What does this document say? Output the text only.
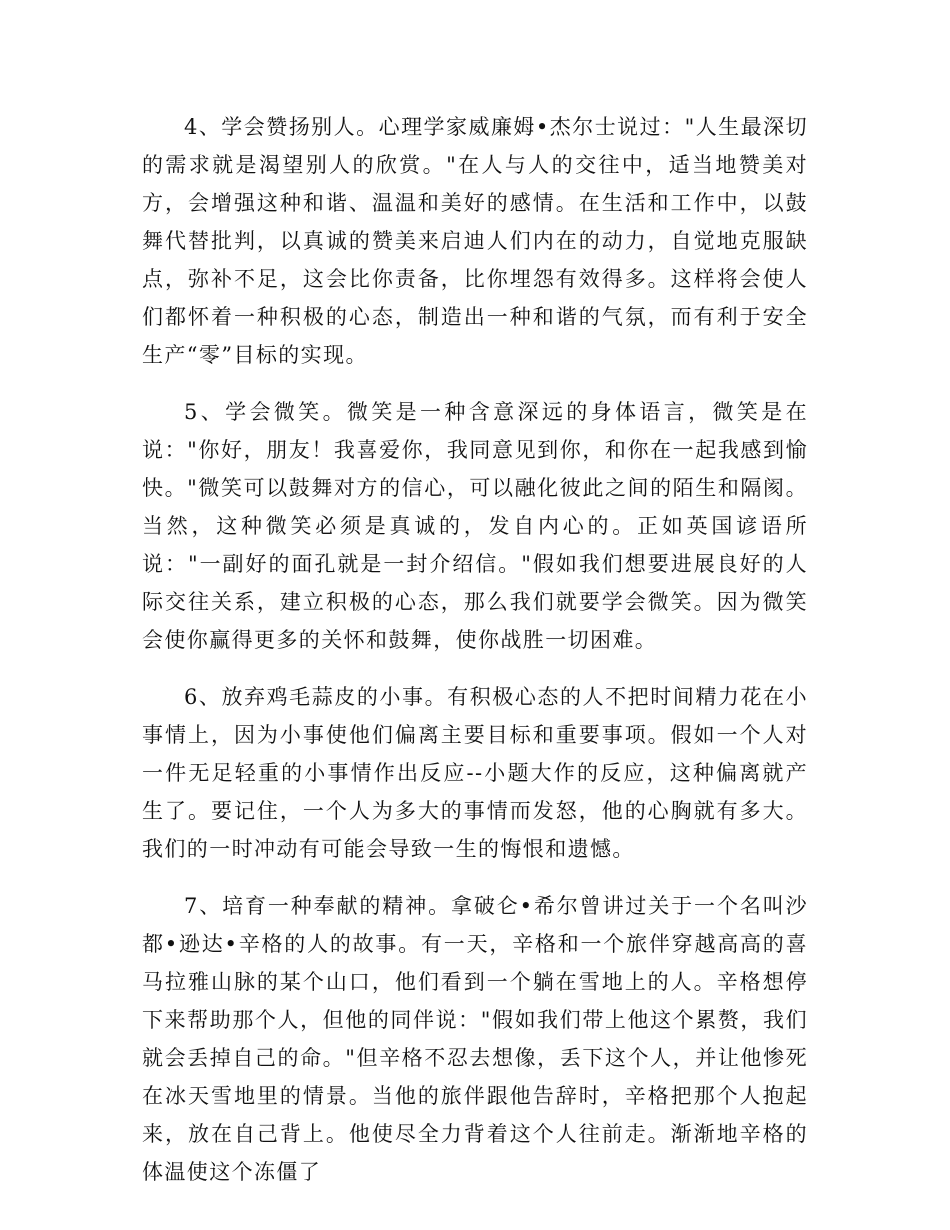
4、学会赞扬别人。心理学家威廉姆•杰尔士说过："人生最深切的需求就是渴望别人的欣赏。"在人与人的交往中，适当地赞美对方，会增强这种和谐、温温和美好的感情。在生活和工作中，以鼓舞代替批判，以真诚的赞美来启迪人们内在的动力，自觉地克服缺点，弥补不足，这会比你责备，比你埋怨有效得多。这样将会使人们都怀着一种积极的心态，制造出一种和谐的气氛，而有利于安全生产“零”目标的实现。

5、学会微笑。微笑是一种含意深远的身体语言，微笑是在说："你好，朋友！我喜爱你，我同意见到你，和你在一起我感到愉快。"微笑可以鼓舞对方的信心，可以融化彼此之间的陌生和隔阂。当然，这种微笑必须是真诚的，发自内心的。正如英国谚语所说："一副好的面孔就是一封介绍信。"假如我们想要进展良好的人际交往关系，建立积极的心态，那么我们就要学会微笑。因为微笑会使你赢得更多的关怀和鼓舞，使你战胜一切困难。

6、放弃鸡毛蒜皮的小事。有积极心态的人不把时间精力花在小事情上，因为小事使他们偏离主要目标和重要事项。假如一个人对一件无足轻重的小事情作出反应--小题大作的反应，这种偏离就产生了。要记住，一个人为多大的事情而发怒，他的心胸就有多大。我们的一时冲动有可能会导致一生的悔恨和遗憾。

7、培育一种奉献的精神。拿破仑•希尔曾讲过关于一个名叫沙都•逊达•辛格的人的故事。有一天，辛格和一个旅伴穿越高高的喜马拉雅山脉的某个山口，他们看到一个躺在雪地上的人。辛格想停下来帮助那个人，但他的同伴说："假如我们带上他这个累赘，我们就会丢掉自己的命。"但辛格不忍去想像，丢下这个人，并让他惨死在冰天雪地里的情景。当他的旅伴跟他告辞时，辛格把那个人抱起来，放在自己背上。他使尽全力背着这个人往前走。渐渐地辛格的体温使这个冻僵了
